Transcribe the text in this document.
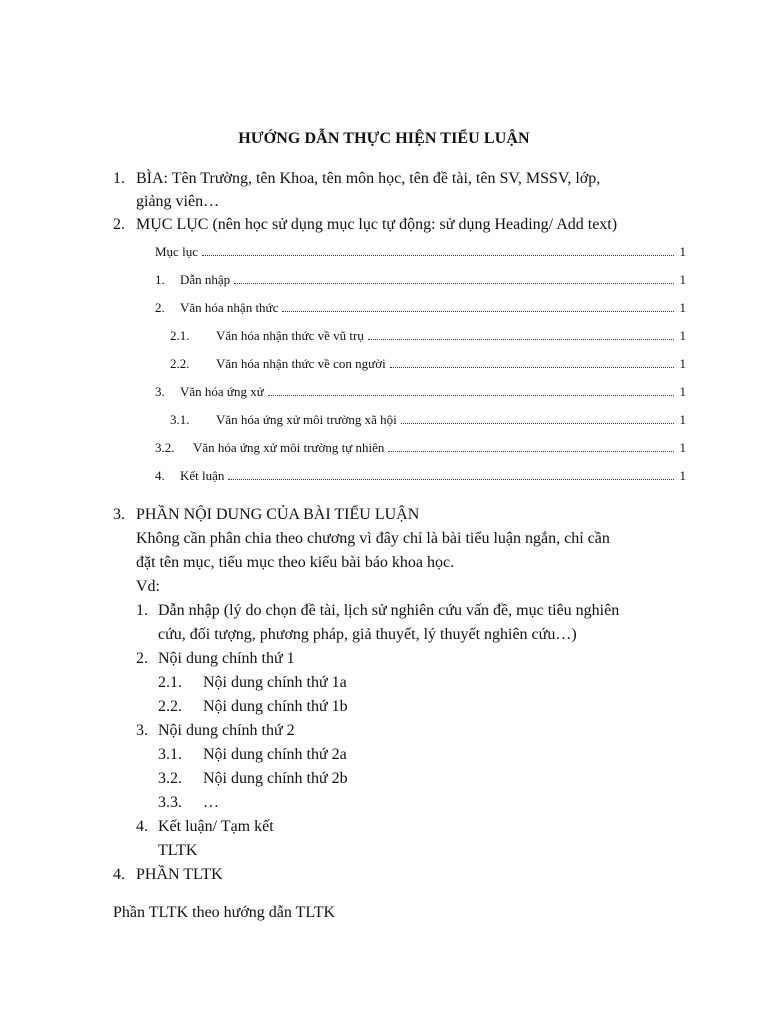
HƯỚNG DẪN THỰC HIỆN TIỂU LUẬN
1. BÌA: Tên Trường, tên Khoa, tên môn học, tên đề tài, tên SV, MSSV, lớp,
giảng viên…
2. MỤC LỤC (nên học sử dụng mục lục tự động: sử dụng Heading/ Add text)
Mục lục	1
1.	Dẫn nhập	1
2.	Văn hóa nhận thức	1
2.1.	Văn hóa nhận thức về vũ trụ	1
2.2.	Văn hóa nhận thức về con người	1
3.	Văn hóa ứng xử	1
3.1.	Văn hóa ứng xử môi trường xã hội	1
3.2.	Văn hóa ứng xử môi trường tự nhiên	1
4.	Kết luận	1
3. PHẦN NỘI DUNG CỦA BÀI TIỂU LUẬN
Không cần phân chia theo chương vì đây chỉ là bài tiểu luận ngắn, chỉ cần
đặt tên mục, tiểu mục theo kiểu bài báo khoa học.
Vd:
1. Dẫn nhập (lý do chọn đề tài, lịch sử nghiên cứu vấn đề, mục tiêu nghiên
cứu, đối tượng, phương pháp, giả thuyết, lý thuyết nghiên cứu…)
2. Nội dung chính thứ 1
2.1. Nội dung chính thứ 1a
2.2. Nội dung chính thứ 1b
3. Nội dung chính thứ 2
3.1. Nội dung chính thứ 2a
3.2. Nội dung chính thứ 2b
3.3. …
4. Kết luận/ Tạm kết
TLTK
4. PHẦN TLTK
Phần TLTK theo hướng dẫn TLTK
